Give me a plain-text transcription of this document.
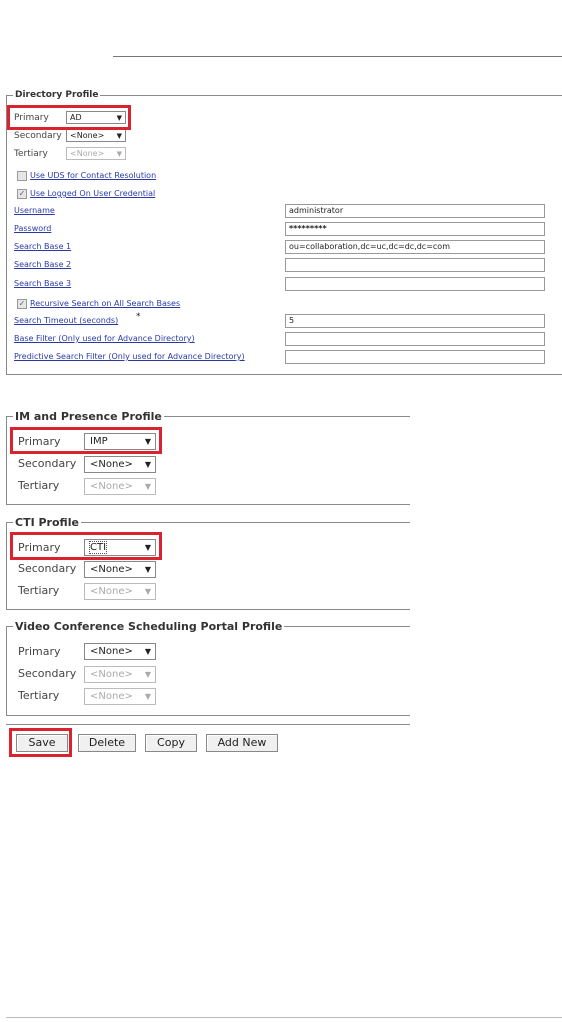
Directory Profile
Primary	AD	▼
Secondary	<None> ▼
Tertiary	<None> ▼
Use UDS for Contact Resolution
✓ Use Logged On User Credential
Username	administrator
Password	*********
Search Base 1	ou=collaboration,dc=uc,dc=dc,dc=com
Search Base 2
Search Base 3
✓ Recursive Search on All Search Bases
Search Timeout (seconds) *	5
Base Filter (Only used for Advance Directory)
Predictive Search Filter (Only used for Advance Directory)
IM and Presence Profile
Primary	IMP	▼
Secondary	<None> ▼
Tertiary	<None> ▼
CTI Profile
Primary	CTI	▼
Secondary	<None> ▼
Tertiary	<None> ▼
Video Conference Scheduling Portal Profile
Primary	<None> ▼
Secondary	<None> ▼
Tertiary	<None> ▼
Save	Delete	Copy	Add New
